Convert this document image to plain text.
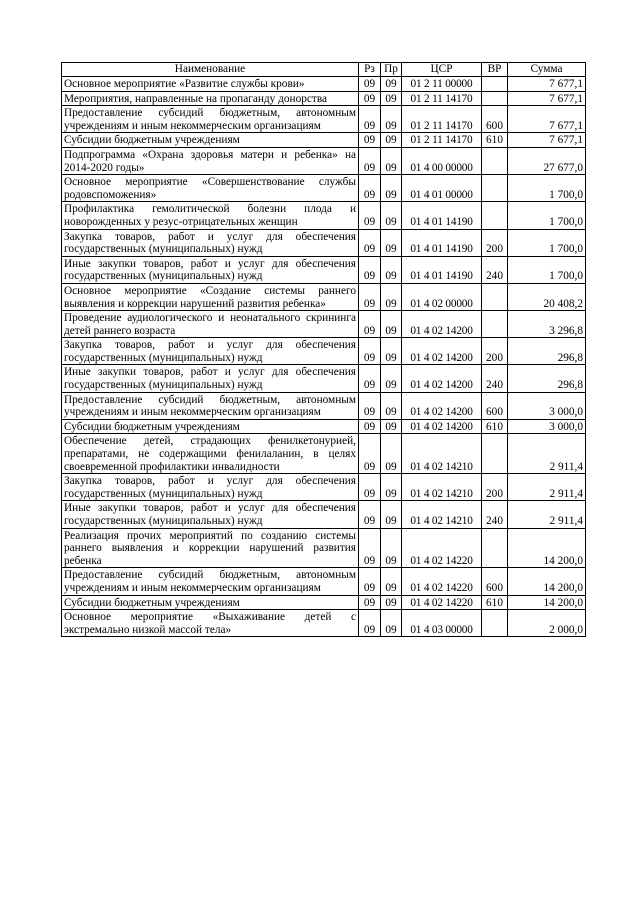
Наименование	Рз	Пр	ЦСР	ВР	Сумма
Основное мероприятие «Развитие службы крови»	09	09	01 2 11 00000		7 677,1
Мероприятия, направленные на пропаганду донорства	09	09	01 2 11 14170		7 677,1
Предоставление субсидий бюджетным, автономным учреждениям и иным некоммерческим организациям	09	09	01 2 11 14170	600	7 677,1
Субсидии бюджетным учреждениям	09	09	01 2 11 14170	610	7 677,1
Подпрограмма «Охрана здоровья матери и ребенка» на 2014-2020 годы»	09	09	01 4 00 00000		27 677,0
Основное мероприятие «Совершенствование службы родовспоможения»	09	09	01 4 01 00000		1 700,0
Профилактика гемолитической болезни плода и новорожденных у резус-отрицательных женщин	09	09	01 4 01 14190		1 700,0
Закупка товаров, работ и услуг для обеспечения государственных (муниципальных) нужд	09	09	01 4 01 14190	200	1 700,0
Иные закупки товаров, работ и услуг для обеспечения государственных (муниципальных) нужд	09	09	01 4 01 14190	240	1 700,0
Основное мероприятие «Создание системы раннего выявления и коррекции нарушений развития ребенка»	09	09	01 4 02 00000		20 408,2
Проведение аудиологического и неонатального скрининга детей раннего возраста	09	09	01 4 02 14200		3 296,8
Закупка товаров, работ и услуг для обеспечения государственных (муниципальных) нужд	09	09	01 4 02 14200	200	296,8
Иные закупки товаров, работ и услуг для обеспечения государственных (муниципальных) нужд	09	09	01 4 02 14200	240	296,8
Предоставление субсидий бюджетным, автономным учреждениям и иным некоммерческим организациям	09	09	01 4 02 14200	600	3 000,0
Субсидии бюджетным учреждениям	09	09	01 4 02 14200	610	3 000,0
Обеспечение детей, страдающих фенилкетонурией, препаратами, не содержащими фенилаланин, в целях своевременной профилактики инвалидности	09	09	01 4 02 14210		2 911,4
Закупка товаров, работ и услуг для обеспечения государственных (муниципальных) нужд	09	09	01 4 02 14210	200	2 911,4
Иные закупки товаров, работ и услуг для обеспечения государственных (муниципальных) нужд	09	09	01 4 02 14210	240	2 911,4
Реализация прочих мероприятий по созданию системы раннего выявления и коррекции нарушений развития ребенка	09	09	01 4 02 14220		14 200,0
Предоставление субсидий бюджетным, автономным учреждениям и иным некоммерческим организациям	09	09	01 4 02 14220	600	14 200,0
Субсидии бюджетным учреждениям	09	09	01 4 02 14220	610	14 200,0
Основное мероприятие «Выхаживание детей с экстремально низкой массой тела»	09	09	01 4 03 00000		2 000,0
